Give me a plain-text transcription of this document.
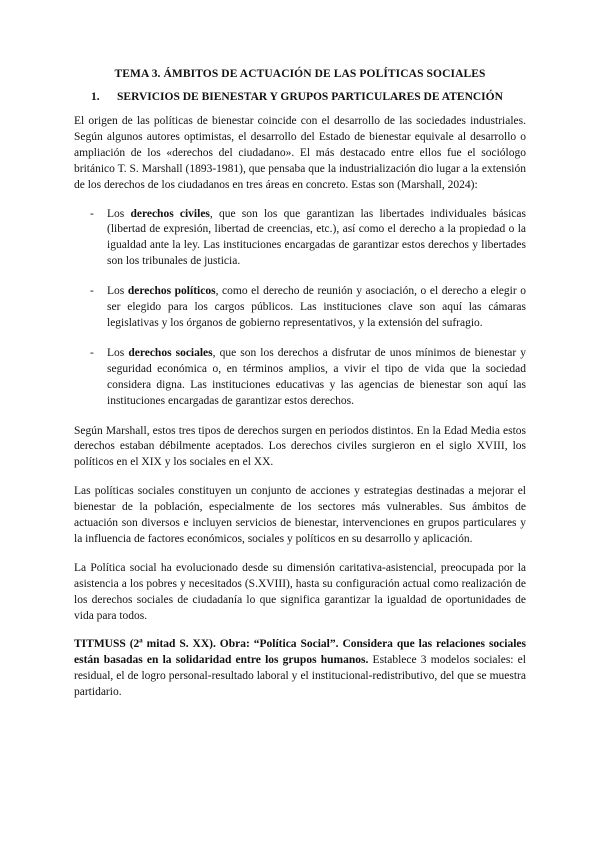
TEMA 3. ÁMBITOS DE ACTUACIÓN DE LAS POLÍTICAS SOCIALES
1.	SERVICIOS DE BIENESTAR Y GRUPOS PARTICULARES DE ATENCIÓN

El origen de las políticas de bienestar coincide con el desarrollo de las sociedades industriales. Según algunos autores optimistas, el desarrollo del Estado de bienestar equivale al desarrollo o ampliación de los «derechos del ciudadano». El más destacado entre ellos fue el sociólogo británico T. S. Marshall (1893-1981), que pensaba que la industrialización dio lugar a la extensión de los derechos de los ciudadanos en tres áreas en concreto. Estas son (Marshall, 2024):

- Los derechos civiles, que son los que garantizan las libertades individuales básicas (libertad de expresión, libertad de creencias, etc.), así como el derecho a la propiedad o la igualdad ante la ley. Las instituciones encargadas de garantizar estos derechos y libertades son los tribunales de justicia.
- Los derechos políticos, como el derecho de reunión y asociación, o el derecho a elegir o ser elegido para los cargos públicos. Las instituciones clave son aquí las cámaras legislativas y los órganos de gobierno representativos, y la extensión del sufragio.
- Los derechos sociales, que son los derechos a disfrutar de unos mínimos de bienestar y seguridad económica o, en términos amplios, a vivir el tipo de vida que la sociedad considera digna. Las instituciones educativas y las agencias de bienestar son aquí las instituciones encargadas de garantizar estos derechos.

Según Marshall, estos tres tipos de derechos surgen en periodos distintos. En la Edad Media estos derechos estaban débilmente aceptados. Los derechos civiles surgieron en el siglo XVIII, los políticos en el XIX y los sociales en el XX.

Las políticas sociales constituyen un conjunto de acciones y estrategias destinadas a mejorar el bienestar de la población, especialmente de los sectores más vulnerables. Sus ámbitos de actuación son diversos e incluyen servicios de bienestar, intervenciones en grupos particulares y la influencia de factores económicos, sociales y políticos en su desarrollo y aplicación.

La Política social ha evolucionado desde su dimensión caritativa-asistencial, preocupada por la asistencia a los pobres y necesitados (S.XVIII), hasta su configuración actual como realización de los derechos sociales de ciudadanía lo que significa garantizar la igualdad de oportunidades de vida para todos.

TITMUSS (2ª mitad S. XX). Obra: “Política Social”. Considera que las relaciones sociales están basadas en la solidaridad entre los grupos humanos. Establece 3 modelos sociales: el residual, el de logro personal-resultado laboral y el institucional-redistributivo, del que se muestra partidario.
